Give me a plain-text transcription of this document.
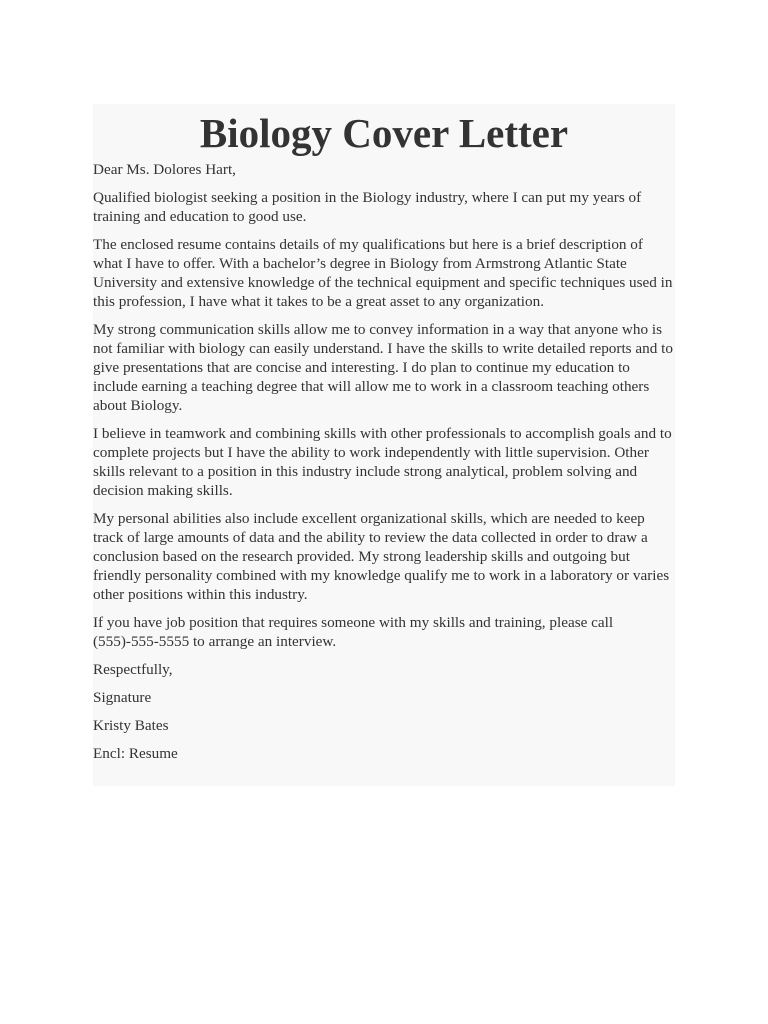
Biology Cover Letter

Dear Ms. Dolores Hart,

Qualified biologist seeking a position in the Biology industry, where I can put my years of training and education to good use.

The enclosed resume contains details of my qualifications but here is a brief description of what I have to offer. With a bachelor’s degree in Biology from Armstrong Atlantic State University and extensive knowledge of the technical equipment and specific techniques used in this profession, I have what it takes to be a great asset to any organization.

My strong communication skills allow me to convey information in a way that anyone who is not familiar with biology can easily understand. I have the skills to write detailed reports and to give presentations that are concise and interesting. I do plan to continue my education to include earning a teaching degree that will allow me to work in a classroom teaching others about Biology.

I believe in teamwork and combining skills with other professionals to accomplish goals and to complete projects but I have the ability to work independently with little supervision. Other skills relevant to a position in this industry include strong analytical, problem solving and decision making skills.

My personal abilities also include excellent organizational skills, which are needed to keep track of large amounts of data and the ability to review the data collected in order to draw a conclusion based on the research provided. My strong leadership skills and outgoing but friendly personality combined with my knowledge qualify me to work in a laboratory or varies other positions within this industry.

If you have job position that requires someone with my skills and training, please call (555)-555-5555 to arrange an interview.

Respectfully,

Signature

Kristy Bates

Encl: Resume
